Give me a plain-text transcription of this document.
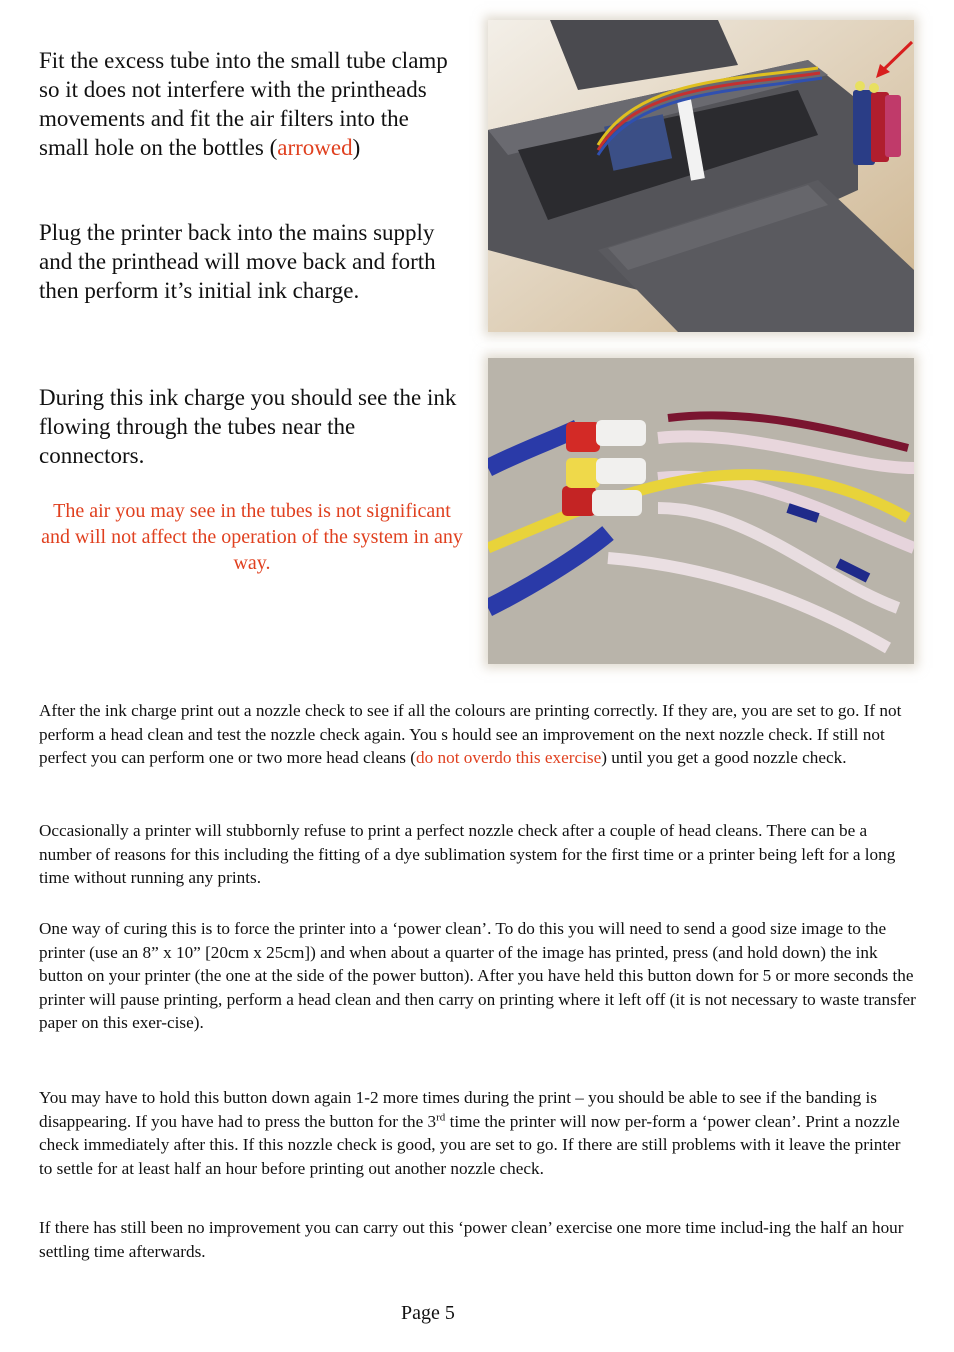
Fit the excess tube into the small tube clamp so it does not interfere with the printheads movements and fit the air filters into the small hole on the bottles (arrowed)

Plug the printer back into the mains supply and the printhead will move back and forth then perform it’s initial ink charge.

During this ink charge you should see the ink flowing through the tubes near the connectors.

The air you may see in the tubes is not significant and will not affect the operation of the system in any way.

After the ink charge print out a nozzle check to see if all the colours are printing correctly. If they are, you are set to go. If not perform a head clean and test the nozzle check again. You s hould see an improvement on the next nozzle check. If still not perfect you can perform one or two more head cleans (do not overdo this exercise) until you get a good nozzle check.

Occasionally a printer will stubbornly refuse to print a perfect nozzle check after a couple of head cleans. There can be a number of reasons for this including the fitting of a dye sublimation system for the first time or a printer being left for a long time without running any prints.

One way of curing this is to force the printer into a ‘power clean’. To do this you will need to send a good size image to the printer (use an 8” x 10” [20cm x 25cm]) and when about a quarter of the image has printed, press (and hold down) the ink button on your printer (the one at the side of the power button). After you have held this button down for 5 or more seconds the printer will pause printing, perform a head clean and then carry on printing where it left off (it is not necessary to waste transfer paper on this exer-cise).

You may have to hold this button down again 1-2 more times during the print – you should be able to see if the banding is disappearing. If you have had to press the button for the 3rd time the printer will now per-form a ‘power clean’. Print a nozzle check immediately after this. If this nozzle check is good, you are set to go. If there are still problems with it leave the printer to settle for at least half an hour before printing out another nozzle check.

If there has still been no improvement you can carry out this ‘power clean’ exercise one more time includ-ing the half an hour settling time afterwards.

Page 5
